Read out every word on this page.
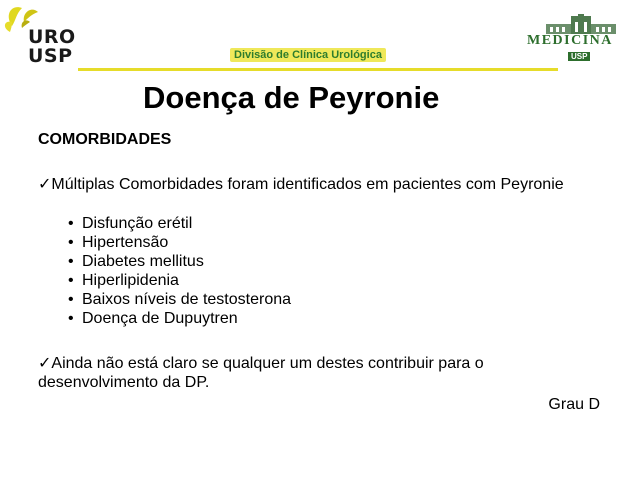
URO
USP	Divisão de Clínica Urológica
MEDICINA
USP
Doença de Peyronie
COMORBIDADES
✓Múltiplas Comorbidades foram identificados em pacientes com Peyronie
• Disfunção erétil
• Hipertensão
• Diabetes mellitus
• Hiperlipidenia
• Baixos níveis de testosterona
• Doença de Dupuytren
✓Ainda não está claro se qualquer um destes contribuir para o desenvolvimento da DP.
Grau D
